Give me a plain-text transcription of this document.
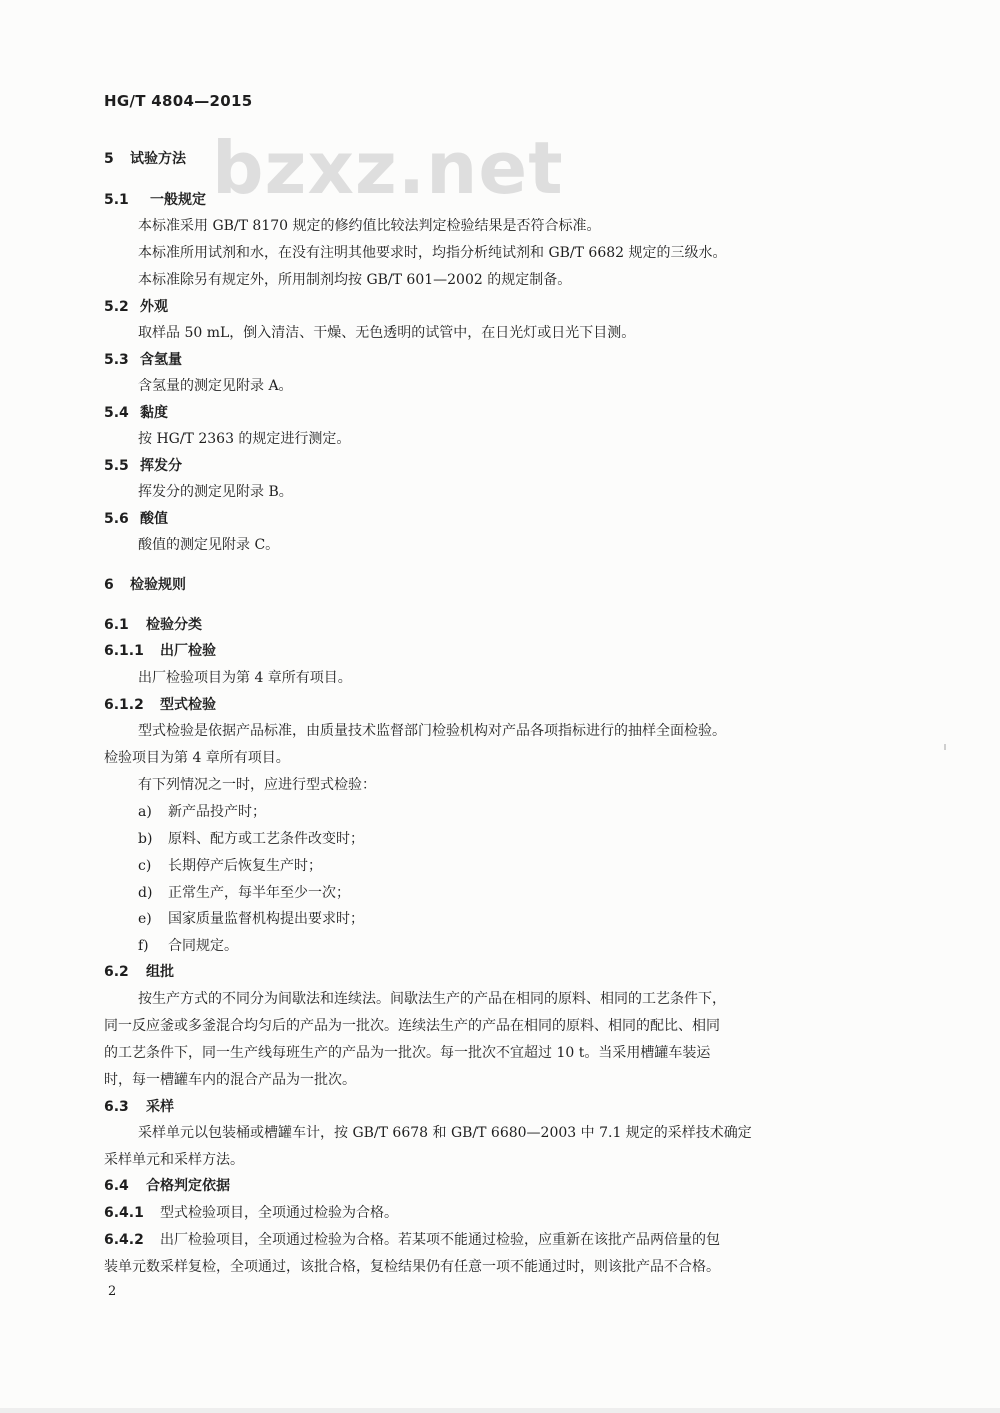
bzxz.net
HG/T 4804—2015
5 试验方法
5.1 一般规定
本标准采用 GB/T 8170 规定的修约值比较法判定检验结果是否符合标准。
本标准所用试剂和水，在没有注明其他要求时，均指分析纯试剂和 GB/T 6682 规定的三级水。
本标准除另有规定外，所用制剂均按 GB/T 601—2002 的规定制备。
5.2 外观
取样品 50 mL，倒入清洁、干燥、无色透明的试管中，在日光灯或日光下目测。
5.3 含氢量
含氢量的测定见附录 A。
5.4 黏度
按 HG/T 2363 的规定进行测定。
5.5 挥发分
挥发分的测定见附录 B。
5.6 酸值
酸值的测定见附录 C。
6 检验规则
6.1 检验分类
6.1.1 出厂检验
出厂检验项目为第 4 章所有项目。
6.1.2 型式检验
型式检验是依据产品标准，由质量技术监督部门检验机构对产品各项指标进行的抽样全面检验。
检验项目为第 4 章所有项目。
有下列情况之一时，应进行型式检验：
a) 新产品投产时；
b) 原料、配方或工艺条件改变时；
c) 长期停产后恢复生产时；
d) 正常生产，每半年至少一次；
e) 国家质量监督机构提出要求时；
f) 合同规定。
6.2 组批
按生产方式的不同分为间歇法和连续法。间歇法生产的产品在相同的原料、相同的工艺条件下，
同一反应釜或多釜混合均匀后的产品为一批次。连续法生产的产品在相同的原料、相同的配比、相同
的工艺条件下，同一生产线每班生产的产品为一批次。每一批次不宜超过 10 t。当采用槽罐车装运
时，每一槽罐车内的混合产品为一批次。
6.3 采样
采样单元以包装桶或槽罐车计，按 GB/T 6678 和 GB/T 6680—2003 中 7.1 规定的采样技术确定
采样单元和采样方法。
6.4 合格判定依据
6.4.1 型式检验项目，全项通过检验为合格。
6.4.2 出厂检验项目，全项通过检验为合格。若某项不能通过检验，应重新在该批产品两倍量的包
装单元数采样复检，全项通过，该批合格，复检结果仍有任意一项不能通过时，则该批产品不合格。
2
